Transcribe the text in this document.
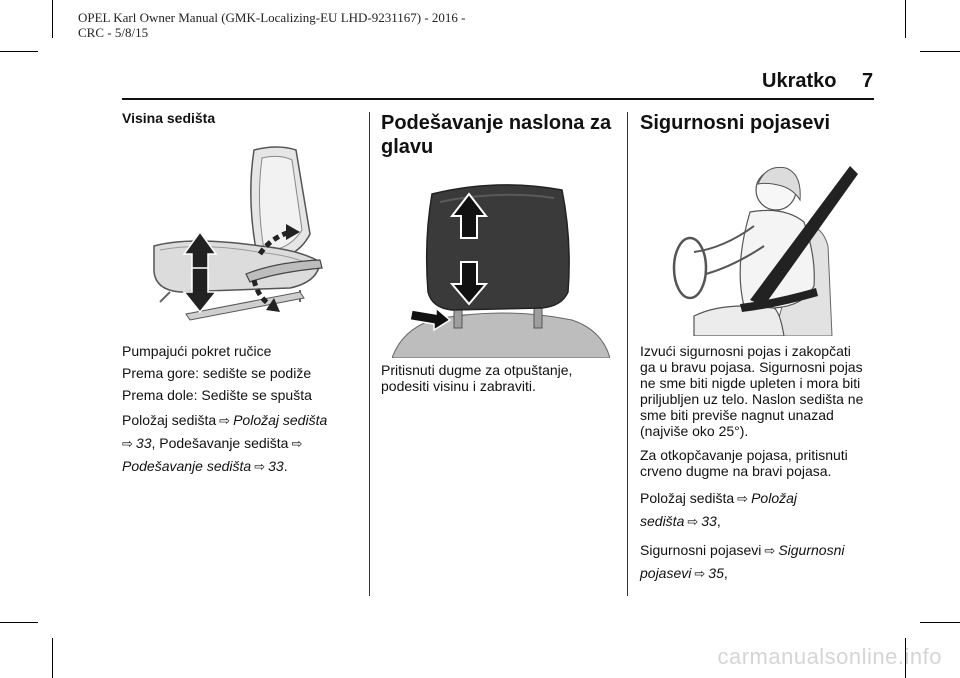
OPEL Karl Owner Manual (GMK-Localizing-EU LHD-9231167) - 2016 -
CRC - 5/8/15
Ukratko 7
Visina sedišta
Pumpajući pokret ručice
Prema gore: sedište se podiže
Prema dole: Sedište se spušta
Položaj sedišta ⇨ Položaj sedišta
⇨ 33, Podešavanje sedišta ⇨
Podešavanje sedišta ⇨ 33.
Podešavanje naslona za
glavu
Pritisnuti dugme za otpuštanje,
podesiti visinu i zabraviti.
Sigurnosni pojasevi
Izvući sigurnosni pojas i zakopčati
ga u bravu pojasa. Sigurnosni pojas
ne sme biti nigde upleten i mora biti
priljubljen uz telo. Naslon sedišta ne
sme biti previše nagnut unazad
(najviše oko 25°).
Za otkopčavanje pojasa, pritisnuti
crveno dugme na bravi pojasa.
Položaj sedišta ⇨ Položaj
sedišta ⇨ 33,
Sigurnosni pojasevi ⇨ Sigurnosni
pojasevi ⇨ 35,
carmanualsonline.info
